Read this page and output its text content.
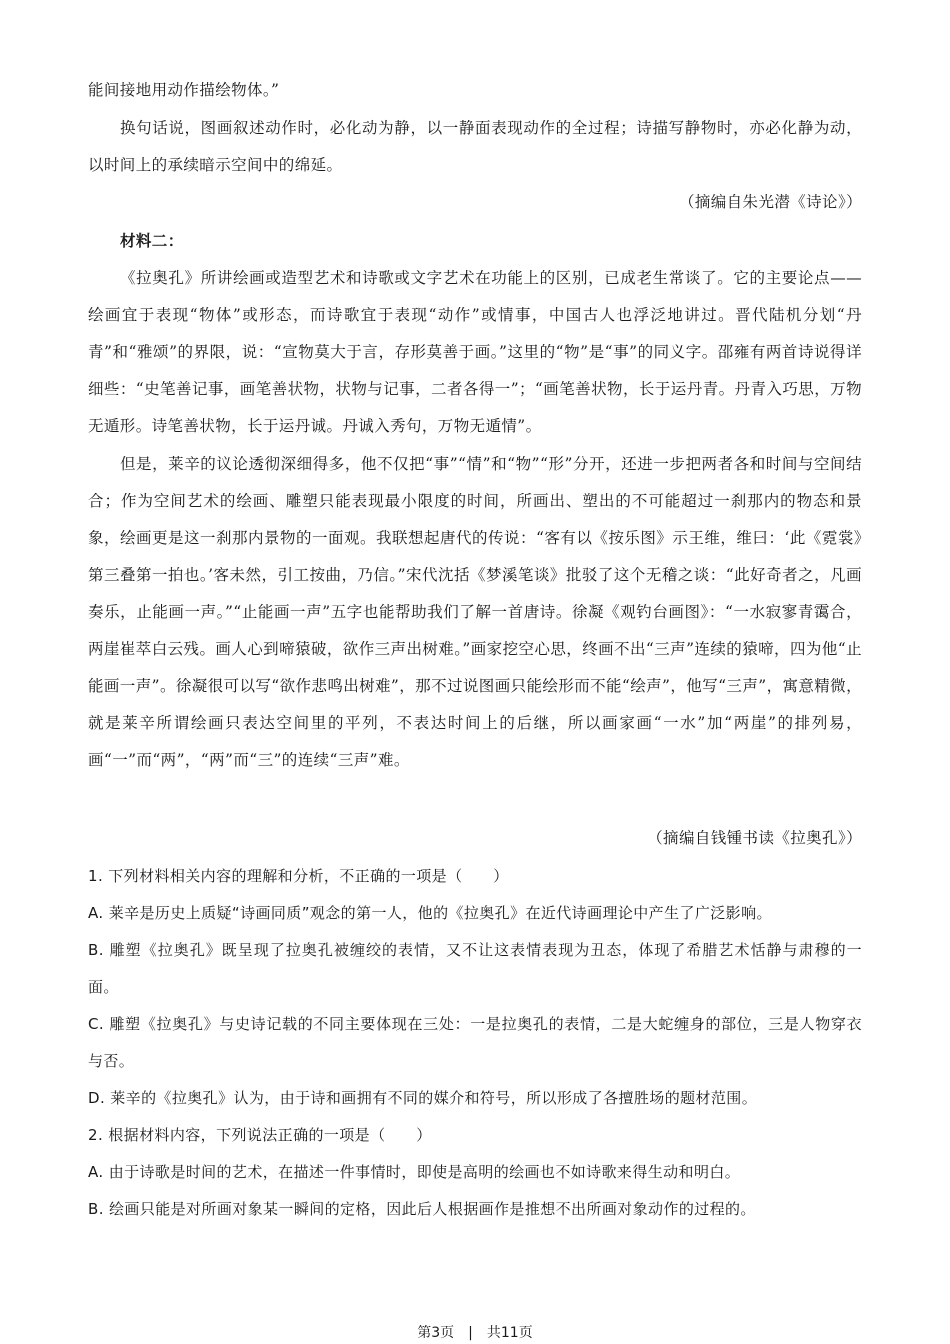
能间接地用动作描绘物体。”

换句话说，图画叙述动作时，必化动为静，以一静面表现动作的全过程；诗描写静物时，亦必化静为动，以时间上的承续暗示空间中的绵延。

（摘编自朱光潜《诗论》）

材料二：

《拉奥孔》所讲绘画或造型艺术和诗歌或文字艺术在功能上的区别，已成老生常谈了。它的主要论点——绘画宜于表现“物体”或形态，而诗歌宜于表现“动作”或情事，中国古人也浮泛地讲过。晋代陆机分划“丹青”和“雅颂”的界限，说：“宣物莫大于言，存形莫善于画。”这里的“物”是“事”的同义字。邵雍有两首诗说得详细些：“史笔善记事，画笔善状物，状物与记事，二者各得一”；“画笔善状物，长于运丹青。丹青入巧思，万物无遁形。诗笔善状物，长于运丹诚。丹诚入秀句，万物无遁情”。

但是，莱辛的议论透彻深细得多，他不仅把“事”“情”和“物”“形”分开，还进一步把两者各和时间与空间结合；作为空间艺术的绘画、雕塑只能表现最小限度的时间，所画出、塑出的不可能超过一刹那内的物态和景象，绘画更是这一刹那内景物的一面观。我联想起唐代的传说：“客有以《按乐图》示王维，维曰：‘此《霓裳》第三叠第一拍也。’客未然，引工按曲，乃信。”宋代沈括《梦溪笔谈》批驳了这个无稽之谈：“此好奇者之，凡画奏乐，止能画一声。”“止能画一声”五字也能帮助我们了解一首唐诗。徐凝《观钓台画图》：“一水寂寥青霭合，两崖崔萃白云残。画人心到啼猿破，欲作三声出树难。”画家挖空心思，终画不出“三声”连续的猿啼，四为他“止能画一声”。徐凝很可以写“欲作悲鸣出树难”，那不过说图画只能绘形而不能“绘声”，他写“三声”，寓意精微，就是莱辛所谓绘画只表达空间里的平列，不表达时间上的后继，所以画家画“一水”加“两崖”的排列易，画“一”而“两”，“两”而“三”的连续“三声”难。

（摘编自钱锺书读《拉奥孔》）

1. 下列材料相关内容的理解和分析，不正确的一项是（　　）

A. 莱辛是历史上质疑“诗画同质”观念的第一人，他的《拉奥孔》在近代诗画理论中产生了广泛影响。

B. 雕塑《拉奥孔》既呈现了拉奥孔被缠绞的表情，又不让这表情表现为丑态，体现了希腊艺术恬静与肃穆的一面。

C. 雕塑《拉奥孔》与史诗记载的不同主要体现在三处：一是拉奥孔的表情，二是大蛇缠身的部位，三是人物穿衣与否。

D. 莱辛的《拉奥孔》认为，由于诗和画拥有不同的媒介和符号，所以形成了各擅胜场的题材范围。

2. 根据材料内容，下列说法正确的一项是（　　）

A. 由于诗歌是时间的艺术，在描述一件事情时，即使是高明的绘画也不如诗歌来得生动和明白。

B. 绘画只能是对所画对象某一瞬间的定格，因此后人根据画作是推想不出所画对象动作的过程的。

第3页　|　共11页
